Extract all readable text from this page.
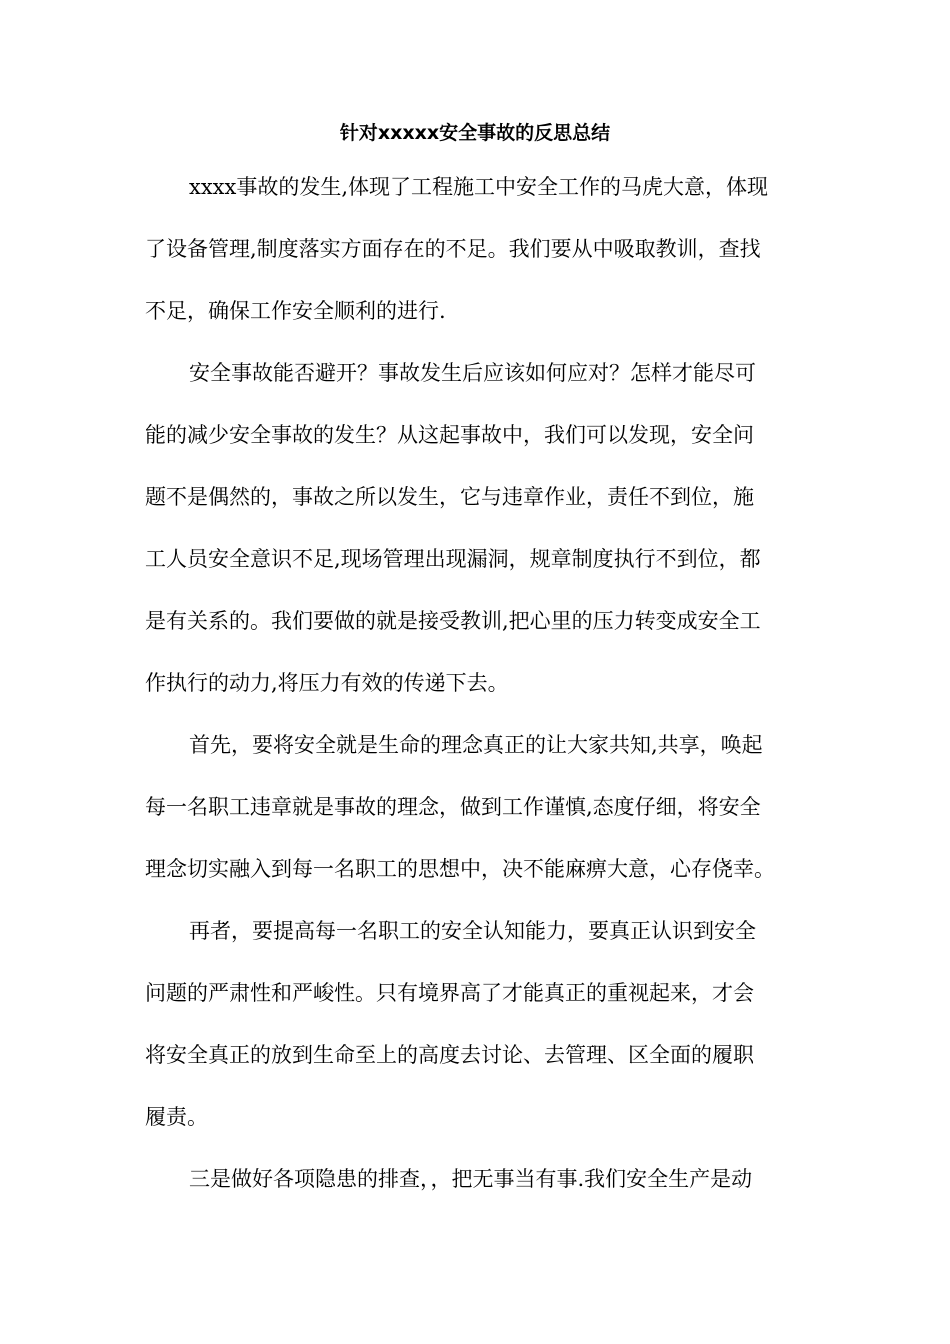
针对xxxxx安全事故的反思总结

xxxx事故的发生,体现了工程施工中安全工作的马虎大意，体现

了设备管理,制度落实方面存在的不足。我们要从中吸取教训，查找

不足，确保工作安全顺利的进行.

安全事故能否避开？事故发生后应该如何应对？怎样才能尽可

能的减少安全事故的发生？从这起事故中，我们可以发现，安全问

题不是偶然的，事故之所以发生，它与违章作业，责任不到位，施

工人员安全意识不足,现场管理出现漏洞，规章制度执行不到位，都

是有关系的。我们要做的就是接受教训,把心里的压力转变成安全工

作执行的动力,将压力有效的传递下去。

首先，要将安全就是生命的理念真正的让大家共知,共享，唤起

每一名职工违章就是事故的理念，做到工作谨慎,态度仔细，将安全

理念切实融入到每一名职工的思想中，决不能麻痹大意，心存侥幸。

再者，要提高每一名职工的安全认知能力，要真正认识到安全

问题的严肃性和严峻性。只有境界高了才能真正的重视起来，才会

将安全真正的放到生命至上的高度去讨论、去管理、区全面的履职

履责。

三是做好各项隐患的排查，，把无事当有事.我们安全生产是动
